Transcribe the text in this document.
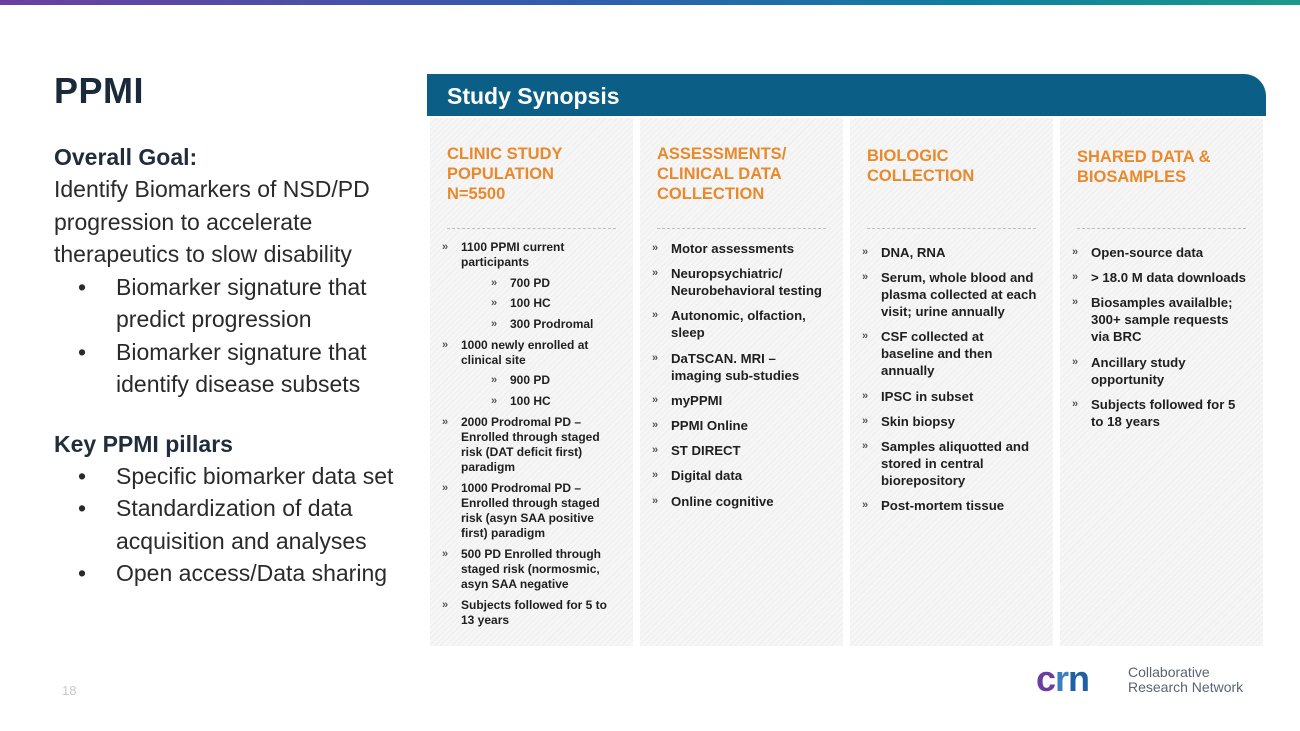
PPMI
Overall Goal:
Identify Biomarkers of NSD/PD progression to accelerate therapeutics to slow disability
• Biomarker signature that predict progression
• Biomarker signature that identify disease subsets
Key PPMI pillars
• Specific biomarker data set
• Standardization of data acquisition and analyses
• Open access/Data sharing
18
Study Synopsis
CLINIC STUDY
POPULATION
N=5500
» 1100 PPMI current participants
» 700 PD
» 100 HC
» 300 Prodromal
» 1000 newly enrolled at clinical site
» 900 PD
» 100 HC
» 2000 Prodromal PD – Enrolled through staged risk (DAT deficit first) paradigm
» 1000 Prodromal PD – Enrolled through staged risk (asyn SAA positive first) paradigm
» 500 PD Enrolled through staged risk (normosmic, asyn SAA negative
» Subjects followed for 5 to 13 years
ASSESSMENTS/
CLINICAL DATA
COLLECTION
» Motor assessments
» Neuropsychiatric/ Neurobehavioral testing
» Autonomic, olfaction, sleep
» DaTSCAN. MRI – imaging sub-studies
» myPPMI
» PPMI Online
» ST DIRECT
» Digital data
» Online cognitive
BIOLOGIC
COLLECTION
» DNA, RNA
» Serum, whole blood and plasma collected at each visit; urine annually
» CSF collected at baseline and then annually
» IPSC in subset
» Skin biopsy
» Samples aliquotted and stored in central biorepository
» Post-mortem tissue
SHARED DATA &
BIOSAMPLES
» Open-source data
» > 18.0 M data downloads
» Biosamples availalble; 300+ sample requests via BRC
» Ancillary study opportunity
» Subjects followed for 5 to 18 years
crn	Collaborative
Research Network
